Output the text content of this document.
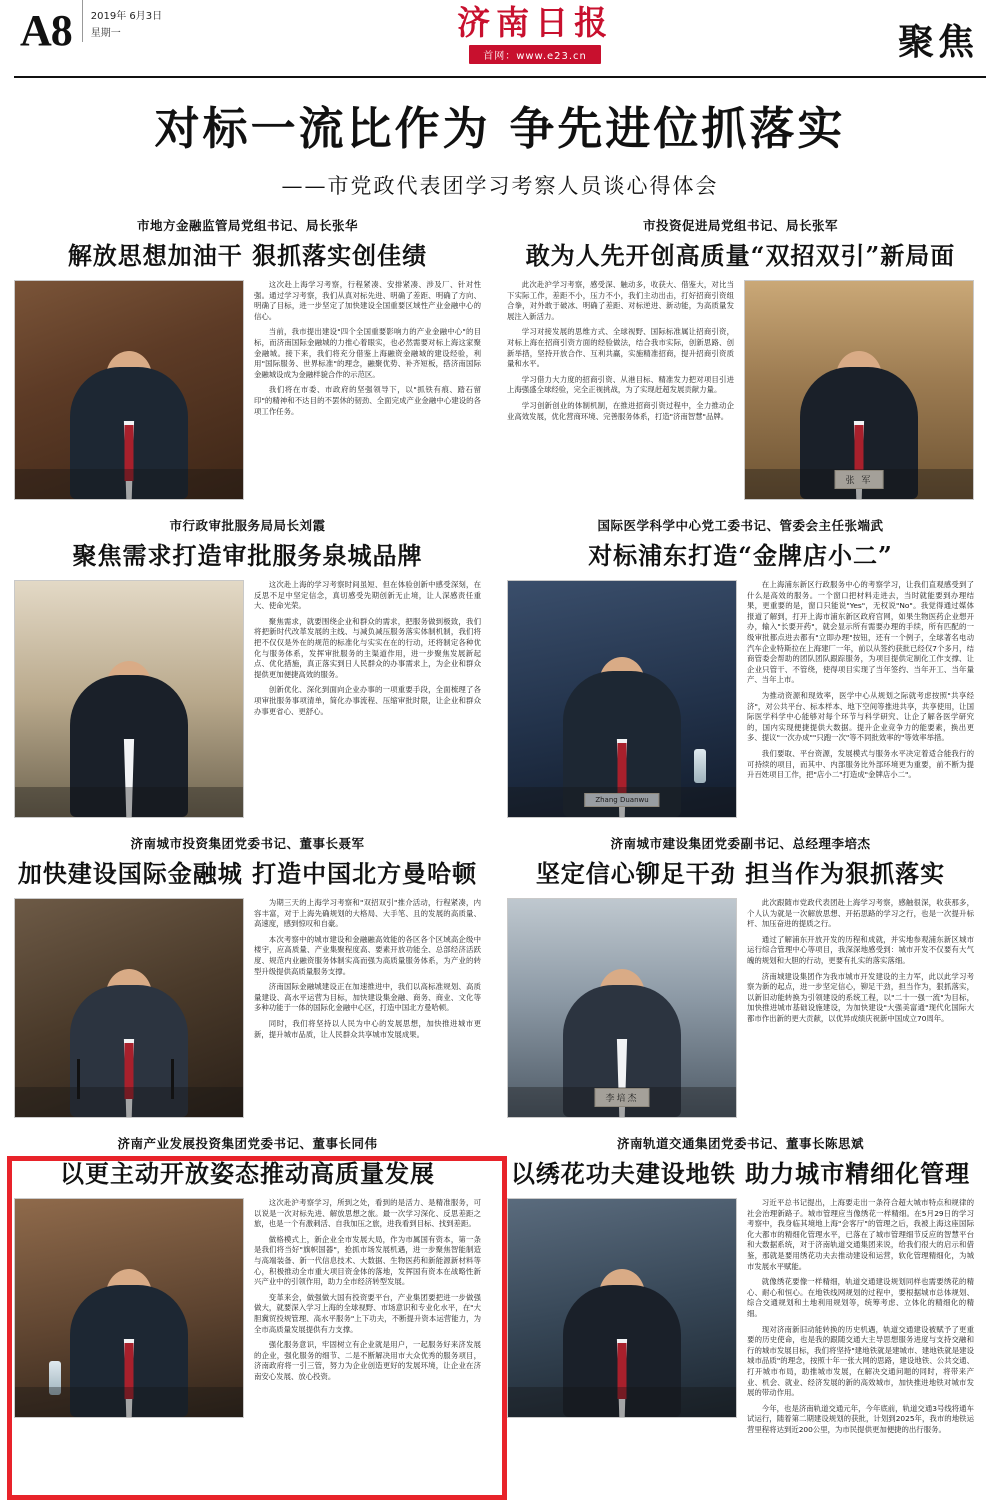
A8	2019年 6月3日
星期一	济南日报
首网：www.e23.cn	聚焦
对标一流比作为 争先进位抓落实
——市党政代表团学习考察人员谈心得体会
市地方金融监管局党组书记、局长张华
解放思想加油干 狠抓落实创佳绩

这次赴上海学习考察，行程紧凑、安排紧凑、涉及厂、针对性强。通过学习考察，我们从真对标先进、明确了差距、明确了方向、明确了目标，进一步坚定了加快建设全国重要区域性产业金融中心的信心。

当前，我市提出建设"四个全国重要影响力的产业金融中心"的目标，而济南国际金融城的力推心着眼实，也必然需要对标上海这家聚金融城。接下来，我们将充分借鉴上海融资金融城的建设经验，利用"国际服务、世界标准"的理念，融聚优势、补齐短板，搭济南国际金融城设成为金融样貌合作的示范区。

我们将在市委、市政府的坚强领导下，以"抓铁有痕、踏石留印"的精神和不达目的不罢休的韧劲、全面完成产业金融中心建设的各项工作任务。

市行政审批服务局局长刘霞
聚焦需求打造审批服务泉城品牌

这次赴上海的学习考察时间虽短、但在体验创新中感受深刻，在反思不足中坚定信念，真切感受先期创新无止境，让人深感责任重大、使命光荣。

聚焦需求，就要围绕企业和群众的需求，把服务做到极致，我们将把新时代改革发展的主线、与减负减压服务落实体制机制，我们将把不仅仅是外在的规范的标准化与实实在在的行动，还将制定各种优化与服务体系，发挥审批服务的主渠道作用，进一步聚焦发展新起点、优化措施，真正落实到日人民群众的办事需求上，为企业和群众提供更加便捷高效的服务。

创新优化、深化到面向企业办事的一项重要手段，全面梳理了各项审批服务事项清单，简化办事流程、压缩审批时限，让企业和群众办事更省心、更舒心。

济南城市投资集团党委书记、董事长聂军
加快建设国际金融城 打造中国北方曼哈顿

为期三天的上海学习考察和"双招双引"推介活动，行程紧凑，内容丰富，对于上海先确规划的大格局、大手笔、且的发展的高质量、高速度，感到惊叹和自豪。

本次考察中的城市建设和金融融高效能的各区各个区域高企级中楼宇，应高质量、产业集聚程度高、要素开放功能全、总部经济活跃度、规范内业融资服务体制实高而强为高质量服务体系，为产业的转型升级提供高质量服务支撑。

济南国际金融城建设正在加速推进中，我们以高标准规划、高质量建设、高水平运营为目标，加快建设集金融、商务、商业、文化等多种功能于一体的国际化金融中心区，打造中国北方曼哈顿。

同时，我们将坚持以人民为中心的发展思想，加快推进城市更新，提升城市品质，让人民群众共享城市发展成果。

济南产业发展投资集团党委书记、董事长同伟
以更主动开放姿态推动高质量发展

这次赴沪考察学习，所到之处，看到的是活力、是精准服务，可以说是一次对标先进、解放思想之旅。最一次学习深化、反思差距之旅，也是一个有激刺活、自我加压之旅，进我看到目标、找到差距。

做格模式上，新企业全市发展大局，作为市属国有资本，第一条是我们将当好"旗帜国器"，抢抓市场发展机遇，进一步聚焦智能制造与高端装备、新一代信息技术、大数据、生物医药和新能源新材料等心，积极推动全市重大项目资金体的落地，发挥国有资本在战略性新兴产业中的引领作用，助力全市经济转型发展。

变革来会，做强做大国有投资要平台，产业集团要把进一步做强做大，就要深入学习上海的全球视野、市场意识和专业化水平，在"大胆冀贸投规管理、高水平服务"上下功夫，不断提升资本运营能力，为全市高质量发展提供有力支撑。

强化服务意识，牢固树立有企业就是用户，一起服务好来济发展的企业，强化服务的细节、二是不断解决用市大众优秀的服务项目，济南政府将一引三管，努力为企业创造更好的发展环境，让企业在济南安心发展、放心投资。

市投资促进局党组书记、局长张军
敢为人先开创高质量“双招双引”新局面

此次赴沪学习考察，感受深、触动多，收获大、借鉴大，对比当下实际工作，差距不小，压力不小，我们主动出击，打好招商引资组合拳，对外敢于破冰、明确了差距、对标逆进、新动能，为高质量发展注入新活力。

学习对接发展的思维方式、全球视野、国际标准属让招商引资，对标上海在招商引资方面的经验做法，结合我市实际，创新思路、创新举措，坚持开放合作、互利共赢，实施精准招商，提升招商引资质量和水平。

学习借力大力度的招商引资、从港目标、精准发力把对项目引进上海强盛全球经验，完全正视挑战，为了实现赶超发展贡献力量。

学习创新创业的体制机制，在推进招商引资过程中，全力推动企业高效发展，优化营商环境、完善服务体系，打造"济南智慧"品牌。

张 军
国际医学科学中心党工委书记、管委会主任张端武
对标浦东打造“金牌店小二”
Zhang Duanwu

在上海浦东新区行政服务中心的考察学习，让我们直观感受到了什么是高效的服务。一个窗口把材料走进去，当时就能要到办理结果，更重要的是，窗口只能说"Yes"，无权说"No"。我觉得通过媒体报道了解到，打开上海市浦东新区政府官网，如果生物医药企业想开办，输入"长要开药"，就会显示所有需要办理的手续，所有匹配的一级审批都点进去都有"立即办理"按钮，还有一个例子，全球著名电动汽车企业特斯拉在上海建厂一年，前以从签约获批已经仅7个多月，结商管委会帮助的团队团队跟踪服务，为项目提供定制化工作支撑、让企业只管干、不管绕，使得项目实现了当年签约、当年开工、当年量产、当年上市。

为推动资源和现效率，医学中心从规划之际就考虑按照"共享经济"，对公共平台、标本样本、地下空间等推进共享，共享使用，让国际医学科学中心能够对每个环节与科学研究、让企了解各医学研究的，国内实现便捷提供大数据。提升企业竞争力的能要素，换出更多、提议"一次办成""只跑一次"等不同批效率的"等效率举措。

我们要取、平台资源，发展模式与服务水平决定着适合能我行的可持续的项目，而其中、内部服务比外部环境更为重要，前不断为提升百姓项目工作，把"店小二"打造成"金牌店小二"。

济南城市建设集团党委副书记、总经理李培杰
坚定信心铆足干劲 担当作为狠抓落实
李培杰

此次跟随市党政代表团赴上海学习考察，感触很深，收获那多，个人认为就是一次解放思想、开拓思路的学习之行，也是一次提升标杆、加压奋进的提质之行。

通过了解浦东开放开发的历程和成就，并实地参观浦东新区城市运行综合管理中心等项目，我深深地感受到：城市开发不仅要有大气魄的规划和大胆的行动，更要有扎实的落实落细。

济南城建设集团作为我市城市开发建设的主力军，此以此学习考察为新的起点，进一步坚定信心，铆足干劲，担当作为，狠抓落实，以新旧动能转换为引领建设的系统工程，以"二十一强一流"为目标，加快推进城市基础设施建设，为加快建设"大强美富通"现代化国际大都市作出新的更大贡献，以优异成绩庆祝新中国成立70周年。

济南轨道交通集团党委书记、董事长陈思斌
以绣花功夫建设地铁 助力城市精细化管理

习近平总书记提出，上海要走出一条符合超大城市特点和规律的社会治理新路子。城市管理应当像绣花一样精细。在5月29日的学习考察中，我身临其境地上海"会客厅"的管理之后，我被上海这座国际化大都市的精细化管理水平，已落在了城市管理细节反应的智慧平台和大数据系统，对于济南轨道交通集团来说，给我们很大的启示和借鉴，那就是要用绣花功夫去推动建设和运营，软化管理精细化，为城市发展水平赋能。

就像绣花要像一样精细，轨道交通建设规划同样也需要绣花的精心、耐心和恒心。在地铁线网规划的过程中，要根据城市总体规划、综合交通规划和土地利用规划等，统筹考虑、立体化的精细化的精细。

现对济南新旧动能转换的历史机遇，轨道交通建设被赋予了更重要的历史使命，也是我的跟随交通大主导思想服务进度与支持交融和行的城市发展目标，我们将坚持"建地铁就是建城市、建地铁就是建设城市品质"的理念，按照十年一张大网的思路，建设地铁、公共交通、打开城市布局，助推城市发展，在解决交通问题的同时，将带来产业、机会、就业、经济发展的新的高效城市，加快推进地铁对城市发展的带动作用。

今年，也是济南轨道交通元年，今年底前，轨道交通3号线将通车试运行，随着第二期建设规划的获批，计划到2025年，我市的地铁运营里程将达到近200公里，为市民提供更加便捷的出行服务。
